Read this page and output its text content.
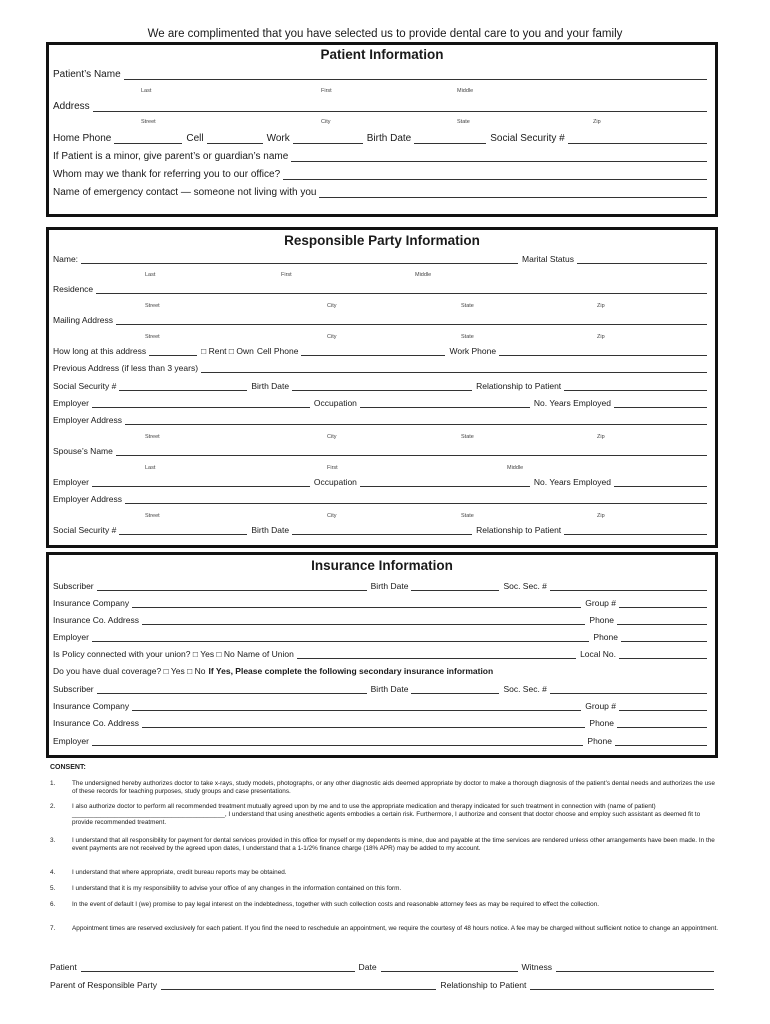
We are complimented that you have selected us to provide dental care to you and your family
Patient Information
Patient’s Name
Last	First	Middle
Address
Street	City	State	Zip
Home Phone	Cell	Work	Birth Date	Social Security #
If Patient is a minor, give parent’s or guardian’s name
Whom may we thank for referring you to our office?
Name of emergency contact — someone not living with you
Responsible Party Information
Name:	Marital Status
Last	First	Middle
Residence
Street	City	State	Zip
Mailing Address
Street	City	State	Zip
How long at this address	□ Rent □ Own Cell Phone	Work Phone
Previous Address (if less than 3 years)
Social Security #	Birth Date	Relationship to Patient
Employer	Occupation	No. Years Employed
Employer Address
Street	City	State	Zip
Spouse’s Name
Last	First	Middle
Employer	Occupation	No. Years Employed
Employer Address
Street	City	State	Zip
Social Security #	Birth Date	Relationship to Patient
Insurance Information
Subscriber	Birth Date	Soc. Sec. #
Insurance Company	Group #
Insurance Co. Address	Phone
Employer	Phone
Is Policy connected with your union? □ Yes □ No Name of Union	Local No.
Do you have dual coverage? □ Yes □ No If Yes, Please complete the following secondary insurance information
Subscriber	Birth Date	Soc. Sec. #
Insurance Company	Group #
Insurance Co. Address	Phone
Employer	Phone
CONSENT:
1.	The undersigned hereby authorizes doctor to take x-rays, study models, photographs, or any other diagnostic aids deemed appropriate by doctor to make a thorough diagnosis of the patient’s dental needs and authorizes the use of these records for teaching purposes, study groups and case presentations.
2.	I also authorize doctor to perform all recommended treatment mutually agreed upon by me and to use the appropriate medication and therapy indicated for such treatment in connection with (name of patient) ___________________________________________, I understand that using anesthetic agents embodies a certain risk. Furthermore, I authorize and consent that doctor choose and employ such assistant as deemed fit to provide recommended treatment.
3.	I understand that all responsibility for payment for dental services provided in this office for myself or my dependents is mine, due and payable at the time services are rendered unless other arrangements have been made. In the event payments are not received by the agreed upon dates, I understand that a 1-1/2% finance charge (18% APR) may be added to my account.
4.	I understand that where appropriate, credit bureau reports may be obtained.
5.	I understand that it is my responsibility to advise your office of any changes in the information contained on this form.
6.	In the event of default I (we) promise to pay legal interest on the indebtedness, together with such collection costs and reasonable attorney fees as may be required to effect the collection.
7.	Appointment times are reserved exclusively for each patient. If you find the need to reschedule an appointment, we require the courtesy of 48 hours notice. A fee may be charged without sufficient notice to change an appointment.
Patient	Date	Witness
Parent of Responsible Party	Relationship to Patient
